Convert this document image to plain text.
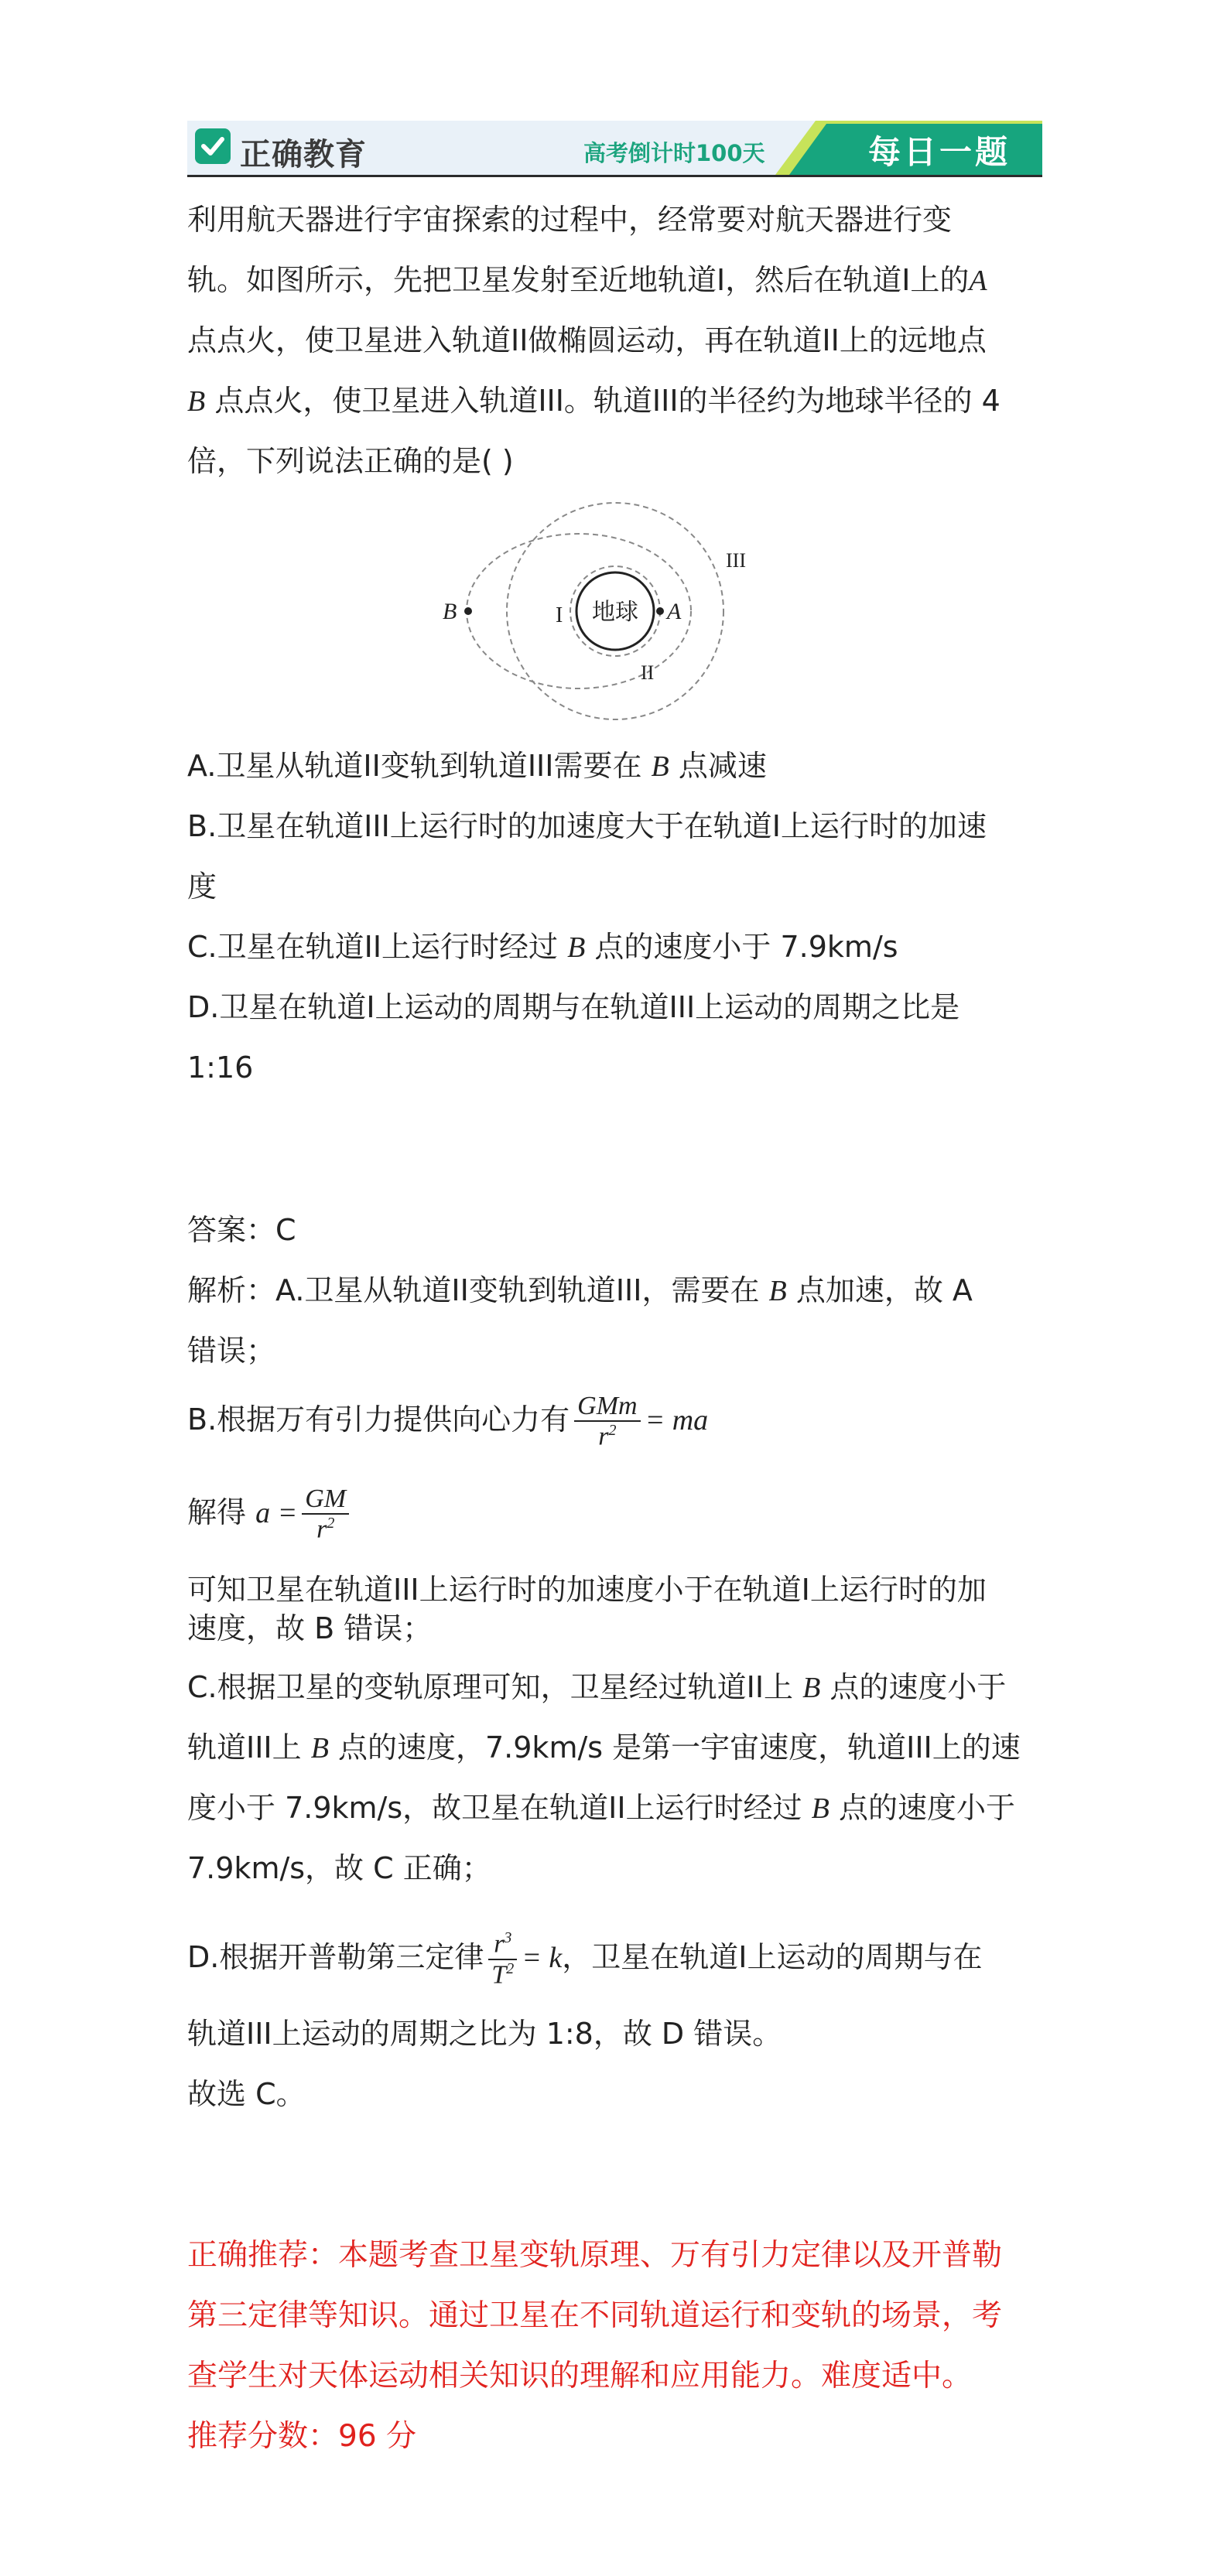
正确教育	高考倒计时100天	每日一题
利用航天器进行宇宙探索的过程中，经常要对航天器进行变
轨。如图所示，先把卫星发射至近地轨道I，然后在轨道I上的A
点点火，使卫星进入轨道II做椭圆运动，再在轨道II上的远地点
B 点点火，使卫星进入轨道III。轨道III的半径约为地球半径的 4
倍，下列说法正确的是( )
地球
B	A
I
II
III
A.卫星从轨道II变轨到轨道III需要在 B 点减速
B.卫星在轨道III上运行时的加速度大于在轨道I上运行时的加速
度
C.卫星在轨道II上运行时经过 B 点的速度小于 7.9km/s
D.卫星在轨道I上运动的周期与在轨道III上运动的周期之比是
1:16
答案：C
解析：A.卫星从轨道II变轨到轨道III，需要在 B 点加速，故 A
错误；
B.根据万有引力提供向心力有 $\frac{\text{GMm}}{r^2}$ = ma
解得 $a = \frac{GM}{r^2}$
可知卫星在轨道III上运行时的加速度小于在轨道I上运行时的加
速度，故 B 错误；
C.根据卫星的变轨原理可知，卫星经过轨道II上 B 点的速度小于
轨道III上 B 点的速度，7.9km/s 是第一宇宙速度，轨道III上的速
度小于 7.9km/s，故卫星在轨道II上运行时经过 B 点的速度小于
7.9km/s，故 C 正确；
D.根据开普勒第三定律 $\frac{r^3}{T^2} = k$，卫星在轨道I上运动的周期与在
轨道III上运动的周期之比为 1:8，故 D 错误。
故选 C。
正确推荐：本题考查卫星变轨原理、万有引力定律以及开普勒
第三定律等知识。通过卫星在不同轨道运行和变轨的场景，考
查学生对天体运动相关知识的理解和应用能力。难度适中。
推荐分数：96 分
